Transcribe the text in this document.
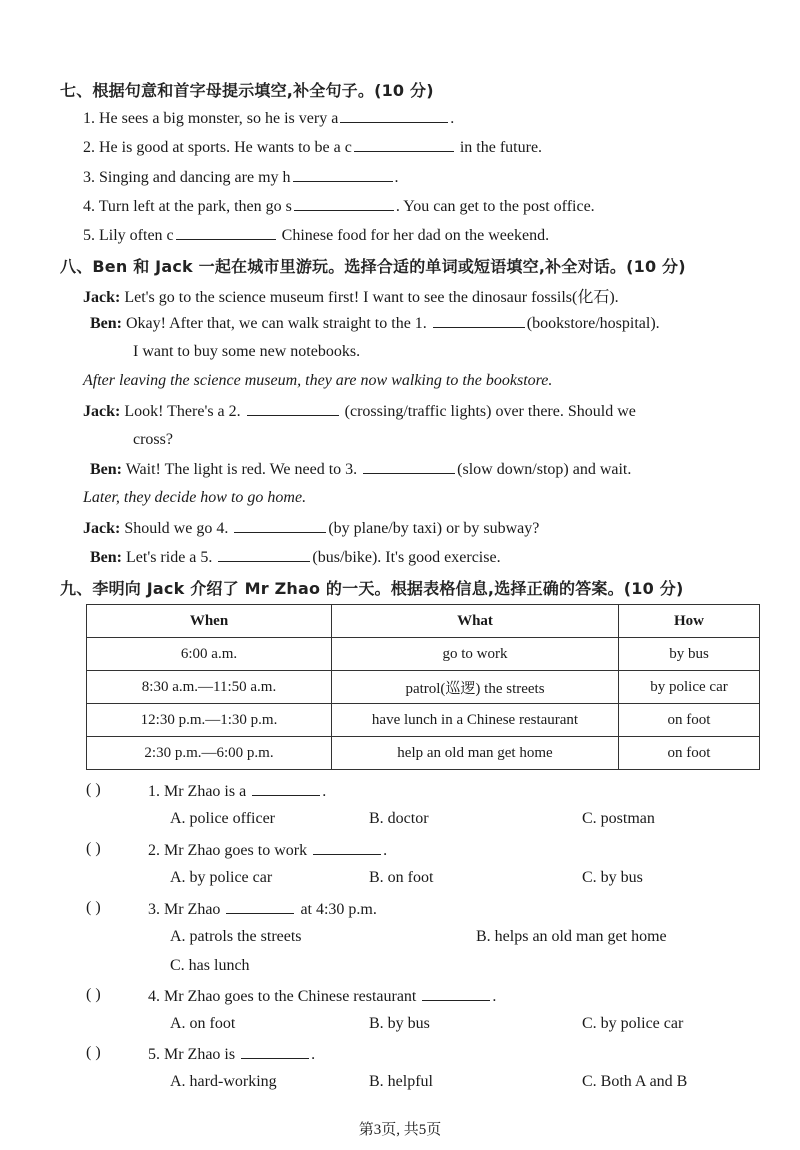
七、根据句意和首字母提示填空,补全句子。(10 分)
1. He sees a big monster, so he is very a	.
2. He is good at sports. He wants to be a c	in the future.
3. Singing and dancing are my h	.
4. Turn left at the park, then go s	. You can get to the post office.
5. Lily often c	Chinese food for her dad on the weekend.
八、Ben 和 Jack 一起在城市里游玩。选择合适的单词或短语填空,补全对话。(10 分)
Jack: Let's go to the science museum first! I want to see the dinosaur fossils(化石).
Ben: Okay! After that, we can walk straight to the 1.	(bookstore/hospital).
I want to buy some new notebooks.
After leaving the science museum, they are now walking to the bookstore.
Jack: Look! There's a 2.	(crossing/traffic lights) over there. Should we
cross?
Ben: Wait! The light is red. We need to 3.	(slow down/stop) and wait.
Later, they decide how to go home.
Jack: Should we go 4.	(by plane/by taxi) or by subway?
Ben: Let's ride a 5.	(bus/bike). It's good exercise.
九、李明向 Jack 介绍了 Mr Zhao 的一天。根据表格信息,选择正确的答案。(10 分)
When	What	How
6:00 a.m.	go to work	by bus
8:30 a.m.—11:50 a.m.	patrol(巡逻) the streets	by police car
12:30 p.m.—1:30 p.m.	have lunch in a Chinese restaurant	on foot
2:30 p.m.—6:00 p.m.	help an old man get home	on foot
( )	1. Mr Zhao is a	.
A. police officer	B. doctor	C. postman
( )	2. Mr Zhao goes to work	.
A. by police car	B. on foot	C. by bus
( )	3. Mr Zhao	at 4:30 p.m.
A. patrols the streets	B. helps an old man get home
C. has lunch
( )	4. Mr Zhao goes to the Chinese restaurant	.
A. on foot	B. by bus	C. by police car
( )	5. Mr Zhao is	.
A. hard-working	B. helpful	C. Both A and B
第3页, 共5页
